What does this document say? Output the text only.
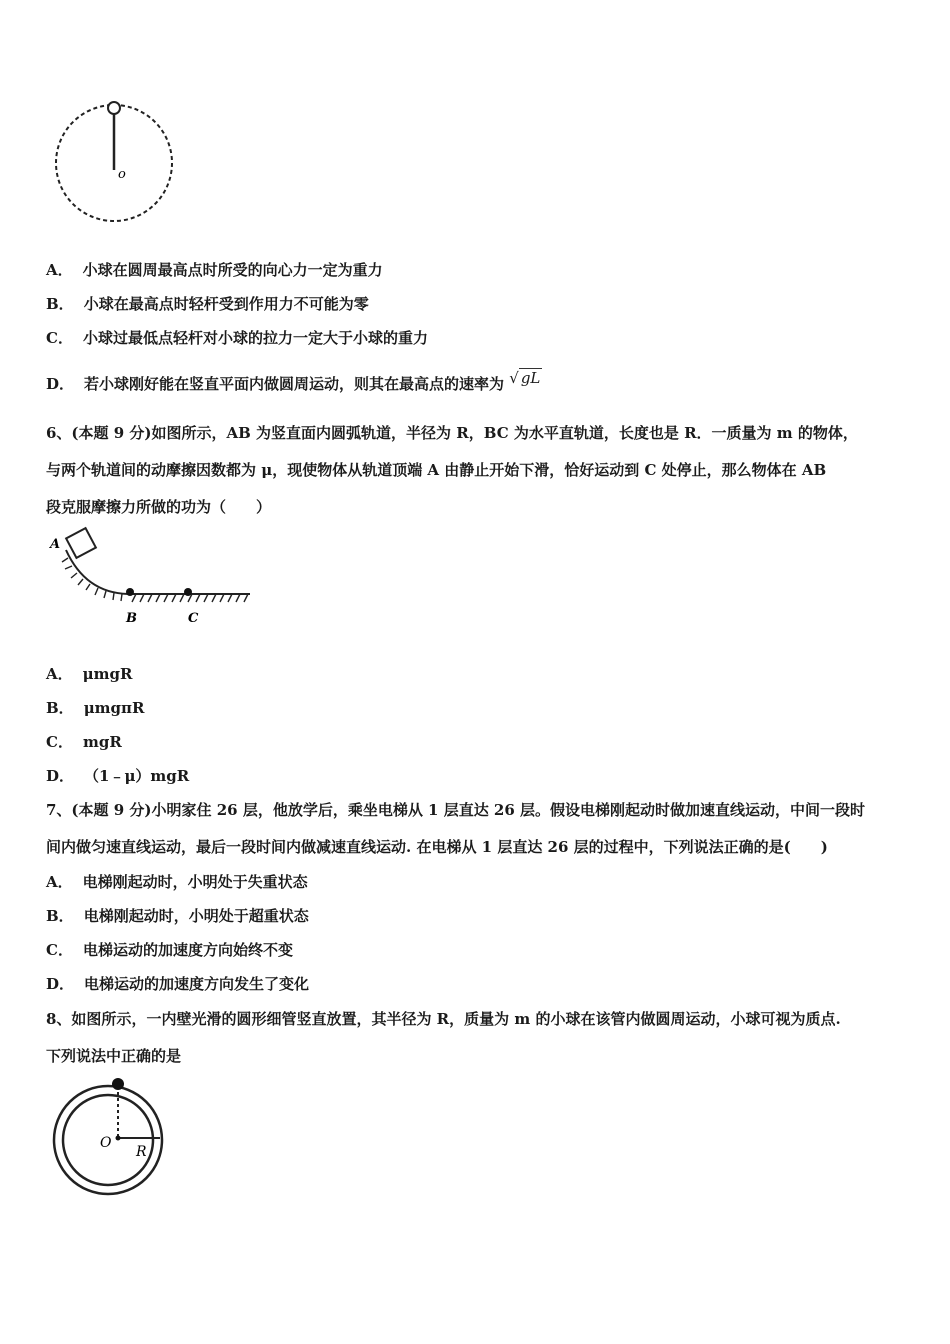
o
A． 小球在圆周最高点时所受的向心力一定为重力
B． 小球在最高点时轻杆受到作用力不可能为零
C． 小球过最低点轻杆对小球的拉力一定大于小球的重力
D． 若小球刚好能在竖直平面内做圆周运动，则其在最高点的速率为 √ gL
6、(本题 9 分)如图所示，AB 为竖直面内圆弧轨道，半径为 R，BC 为水平直轨道，长度也是 R．一质量为 m 的物体，
与两个轨道间的动摩擦因数都为 μ，现使物体从轨道顶端 A 由静止开始下滑，恰好运动到 C 处停止，那么物体在 AB
段克服摩擦力所做的功为（　　）
A
B	C
A． μmgR
B． μmgπR
C． mgR
D． （1﹣μ）mgR
7、(本题 9 分)小明家住 26 层，他放学后，乘坐电梯从 1 层直达 26 层。假设电梯刚起动时做加速直线运动，中间一段时
间内做匀速直线运动，最后一段时间内做减速直线运动. 在电梯从 1 层直达 26 层的过程中，下列说法正确的是(　　)
A． 电梯刚起动时，小明处于失重状态
B． 电梯刚起动时，小明处于超重状态
C． 电梯运动的加速度方向始终不变
D． 电梯运动的加速度方向发生了变化
8、如图所示，一内壁光滑的圆形细管竖直放置，其半径为 R，质量为 m 的小球在该管内做圆周运动，小球可视为质点.
下列说法中正确的是
O
R
